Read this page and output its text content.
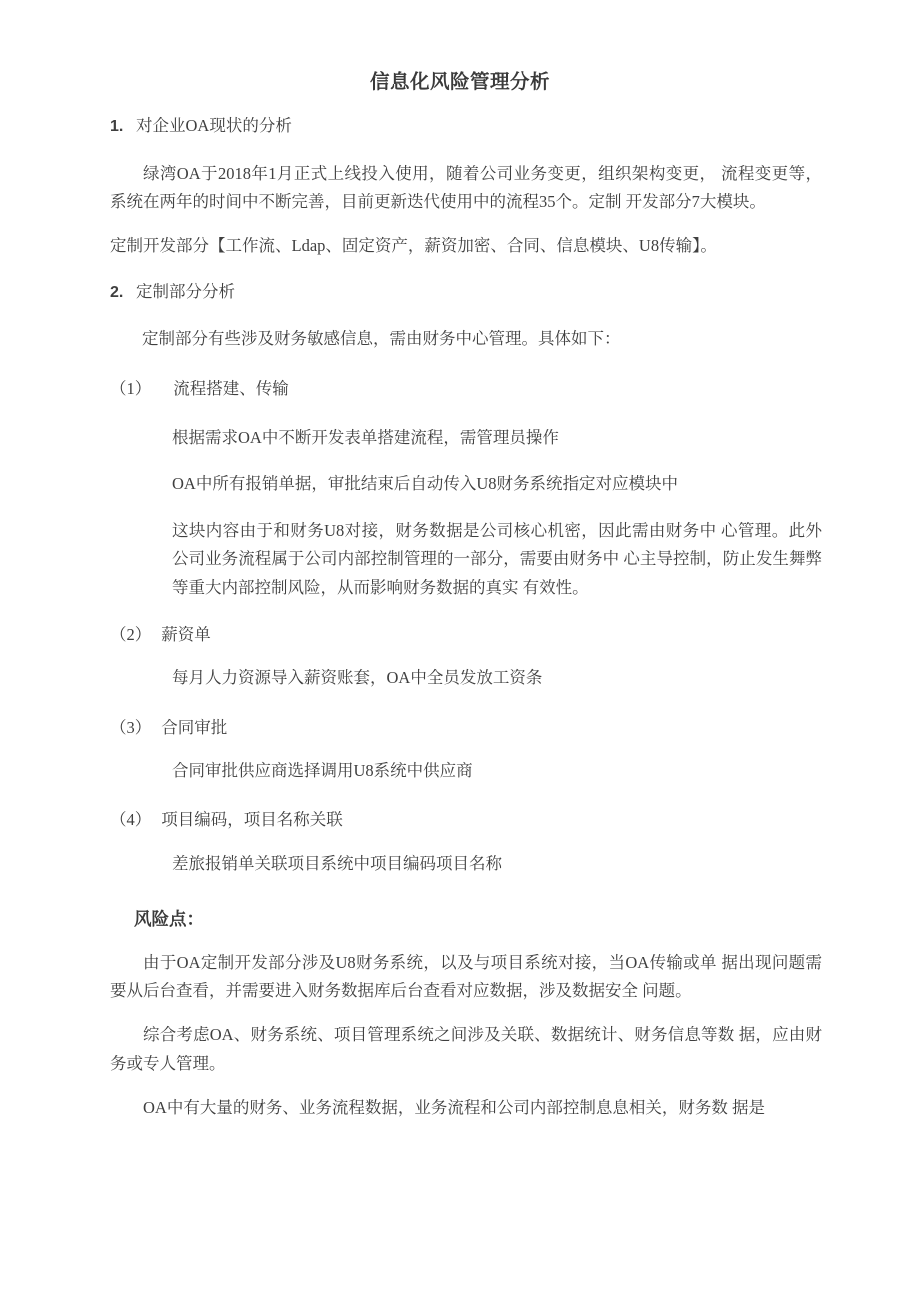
信息化风险管理分析
1. 对企业OA现状的分析

绿湾OA于2018年1月正式上线投入使用，随着公司业务变更，组织架构变更， 流程变更等，系统在两年的时间中不断完善，目前更新迭代使用中的流程35个。定制 开发部分7大模块。

定制开发部分【工作流、Ldap、固定资产，薪资加密、合同、信息模块、U8传输】。

2. 定制部分分析

定制部分有些涉及财务敏感信息，需由财务中心管理。具体如下：

（1）	流程搭建、传输

根据需求OA中不断开发表单搭建流程，需管理员操作

OA中所有报销单据，审批结束后自动传入U8财务系统指定对应模块中

这块内容由于和财务U8对接，财务数据是公司核心机密，因此需由财务中 心管理。此外公司业务流程属于公司内部控制管理的一部分，需要由财务中 心主导控制，防止发生舞弊等重大内部控制风险，从而影响财务数据的真实 有效性。

（2） 薪资单

每月人力资源导入薪资账套，OA中全员发放工资条

（3） 合同审批

合同审批供应商选择调用U8系统中供应商

（4） 项目编码，项目名称关联

差旅报销单关联项目系统中项目编码项目名称

风险点：

由于OA定制开发部分涉及U8财务系统，以及与项目系统对接，当OA传输或单 据出现问题需要从后台查看，并需要进入财务数据库后台查看对应数据，涉及数据安全 问题。

综合考虑OA、财务系统、项目管理系统之间涉及关联、数据统计、财务信息等数 据，应由财务或专人管理。

OA中有大量的财务、业务流程数据，业务流程和公司内部控制息息相关，财务数 据是
